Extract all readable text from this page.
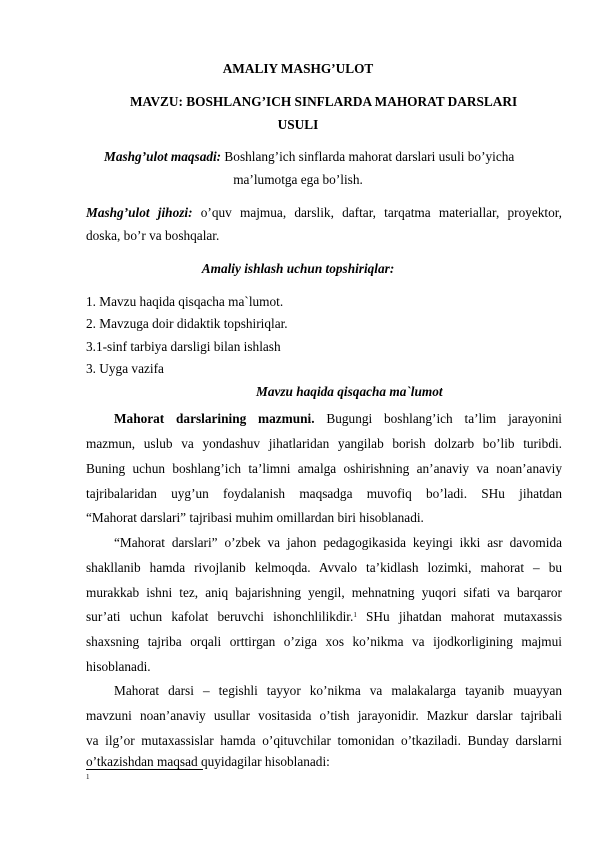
AMALIY MASHG’ULOT
MAVZU: BOSHLANG’ICH SINFLARDA MAHORAT DARSLARI
USULI
Mashg’ulot maqsadi: Boshlang’ich sinflarda mahorat darslari usuli bo’yicha
ma’lumotga ega bo’lish.
Mashg’ulot jihozi: o’quv majmua, darslik, daftar, tarqatma materiallar, proyektor,
doska, bo’r va boshqalar.
Amaliy ishlash uchun topshiriqlar:
1. Mavzu haqida qisqacha ma`lumot.
2. Mavzuga doir didaktik topshiriqlar.
3.1-sinf tarbiya darsligi bilan ishlash
3. Uyga vazifa
Mavzu haqida qisqacha ma`lumot
Mahorat darslarining mazmuni. Bugungi boshlang’ich ta’lim jarayonini
mazmun, uslub va yondashuv jihatlaridan yangilab borish dolzarb bo’lib turibdi.
Buning uchun boshlang’ich ta’limni amalga oshirishning an’anaviy va noan’anaviy
tajribalaridan uyg’un foydalanish maqsadga muvofiq bo’ladi. SHu jihatdan
“Mahorat darslari” tajribasi muhim omillardan biri hisoblanadi.
“Mahorat darslari” o’zbek va jahon pedagogikasida keyingi ikki asr davomida
shakllanib hamda rivojlanib kelmoqda. Avvalo ta’kidlash lozimki, mahorat – bu
murakkab ishni tez, aniq bajarishning yengil, mehnatning yuqori sifati va barqaror
sur’ati uchun kafolat beruvchi ishonchlilikdir.$^1$ SHu jihatdan mahorat mutaxassis
shaxsning tajriba orqali orttirgan o’ziga xos ko’nikma va ijodkorligining majmui
hisoblanadi.
Mahorat darsi – tegishli tayyor ko’nikma va malakalarga tayanib muayyan
mavzuni noan’anaviy usullar vositasida o’tish jarayonidir. Mazkur darslar tajribali
va ilg’or mutaxassislar hamda o’qituvchilar tomonidan o’tkaziladi. Bunday darslarni
o’tkazishdan maqsad quyidagilar hisoblanadi:
1
